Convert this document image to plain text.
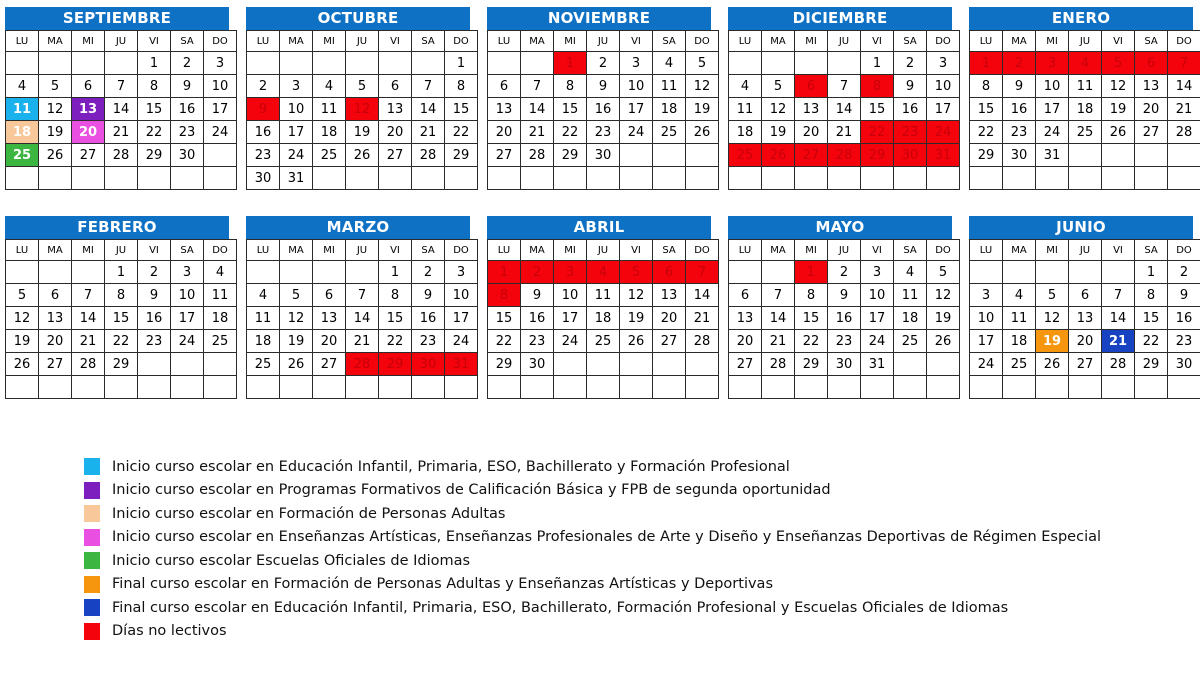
SEPTIEMBRE
LU	MA	MI	JU	VI	SA	DO
				1	2	3
4	5	6	7	8	9	10
11	12	13	14	15	16	17
18	19	20	21	22	23	24
25	26	27	28	29	30	

OCTUBRE
LU	MA	MI	JU	VI	SA	DO
						1
2	3	4	5	6	7	8
9	10	11	12	13	14	15
16	17	18	19	20	21	22
23	24	25	26	27	28	29
30	31					
NOVIEMBRE
LU	MA	MI	JU	VI	SA	DO
		1	2	3	4	5
6	7	8	9	10	11	12
13	14	15	16	17	18	19
20	21	22	23	24	25	26
27	28	29	30			

DICIEMBRE
LU	MA	MI	JU	VI	SA	DO
				1	2	3
4	5	6	7	8	9	10
11	12	13	14	15	16	17
18	19	20	21	22	23	24
25	26	27	28	29	30	31

ENERO
LU	MA	MI	JU	VI	SA	DO
1	2	3	4	5	6	7
8	9	10	11	12	13	14
15	16	17	18	19	20	21
22	23	24	25	26	27	28
29	30	31				

FEBRERO
LU	MA	MI	JU	VI	SA	DO
			1	2	3	4
5	6	7	8	9	10	11
12	13	14	15	16	17	18
19	20	21	22	23	24	25
26	27	28	29			

MARZO
LU	MA	MI	JU	VI	SA	DO
				1	2	3
4	5	6	7	8	9	10
11	12	13	14	15	16	17
18	19	20	21	22	23	24
25	26	27	28	29	30	31

ABRIL
LU	MA	MI	JU	VI	SA	DO
1	2	3	4	5	6	7
8	9	10	11	12	13	14
15	16	17	18	19	20	21
22	23	24	25	26	27	28
29	30					

MAYO
LU	MA	MI	JU	VI	SA	DO
		1	2	3	4	5
6	7	8	9	10	11	12
13	14	15	16	17	18	19
20	21	22	23	24	25	26
27	28	29	30	31		

JUNIO
LU	MA	MI	JU	VI	SA	DO
					1	2
3	4	5	6	7	8	9
10	11	12	13	14	15	16
17	18	19	20	21	22	23
24	25	26	27	28	29	30

Inicio curso escolar en Educación Infantil, Primaria, ESO, Bachillerato y Formación Profesional
Inicio curso escolar en Programas Formativos de Calificación Básica y FPB de segunda oportunidad
Inicio curso escolar en Formación de Personas Adultas
Inicio curso escolar en Enseñanzas Artísticas, Enseñanzas Profesionales de Arte y Diseño y Enseñanzas Deportivas de Régimen Especial
Inicio curso escolar Escuelas Oficiales de Idiomas
Final curso escolar en Formación de Personas Adultas y Enseñanzas Artísticas y Deportivas
Final curso escolar en Educación Infantil, Primaria, ESO, Bachillerato, Formación Profesional y Escuelas Oficiales de Idiomas
Días no lectivos
